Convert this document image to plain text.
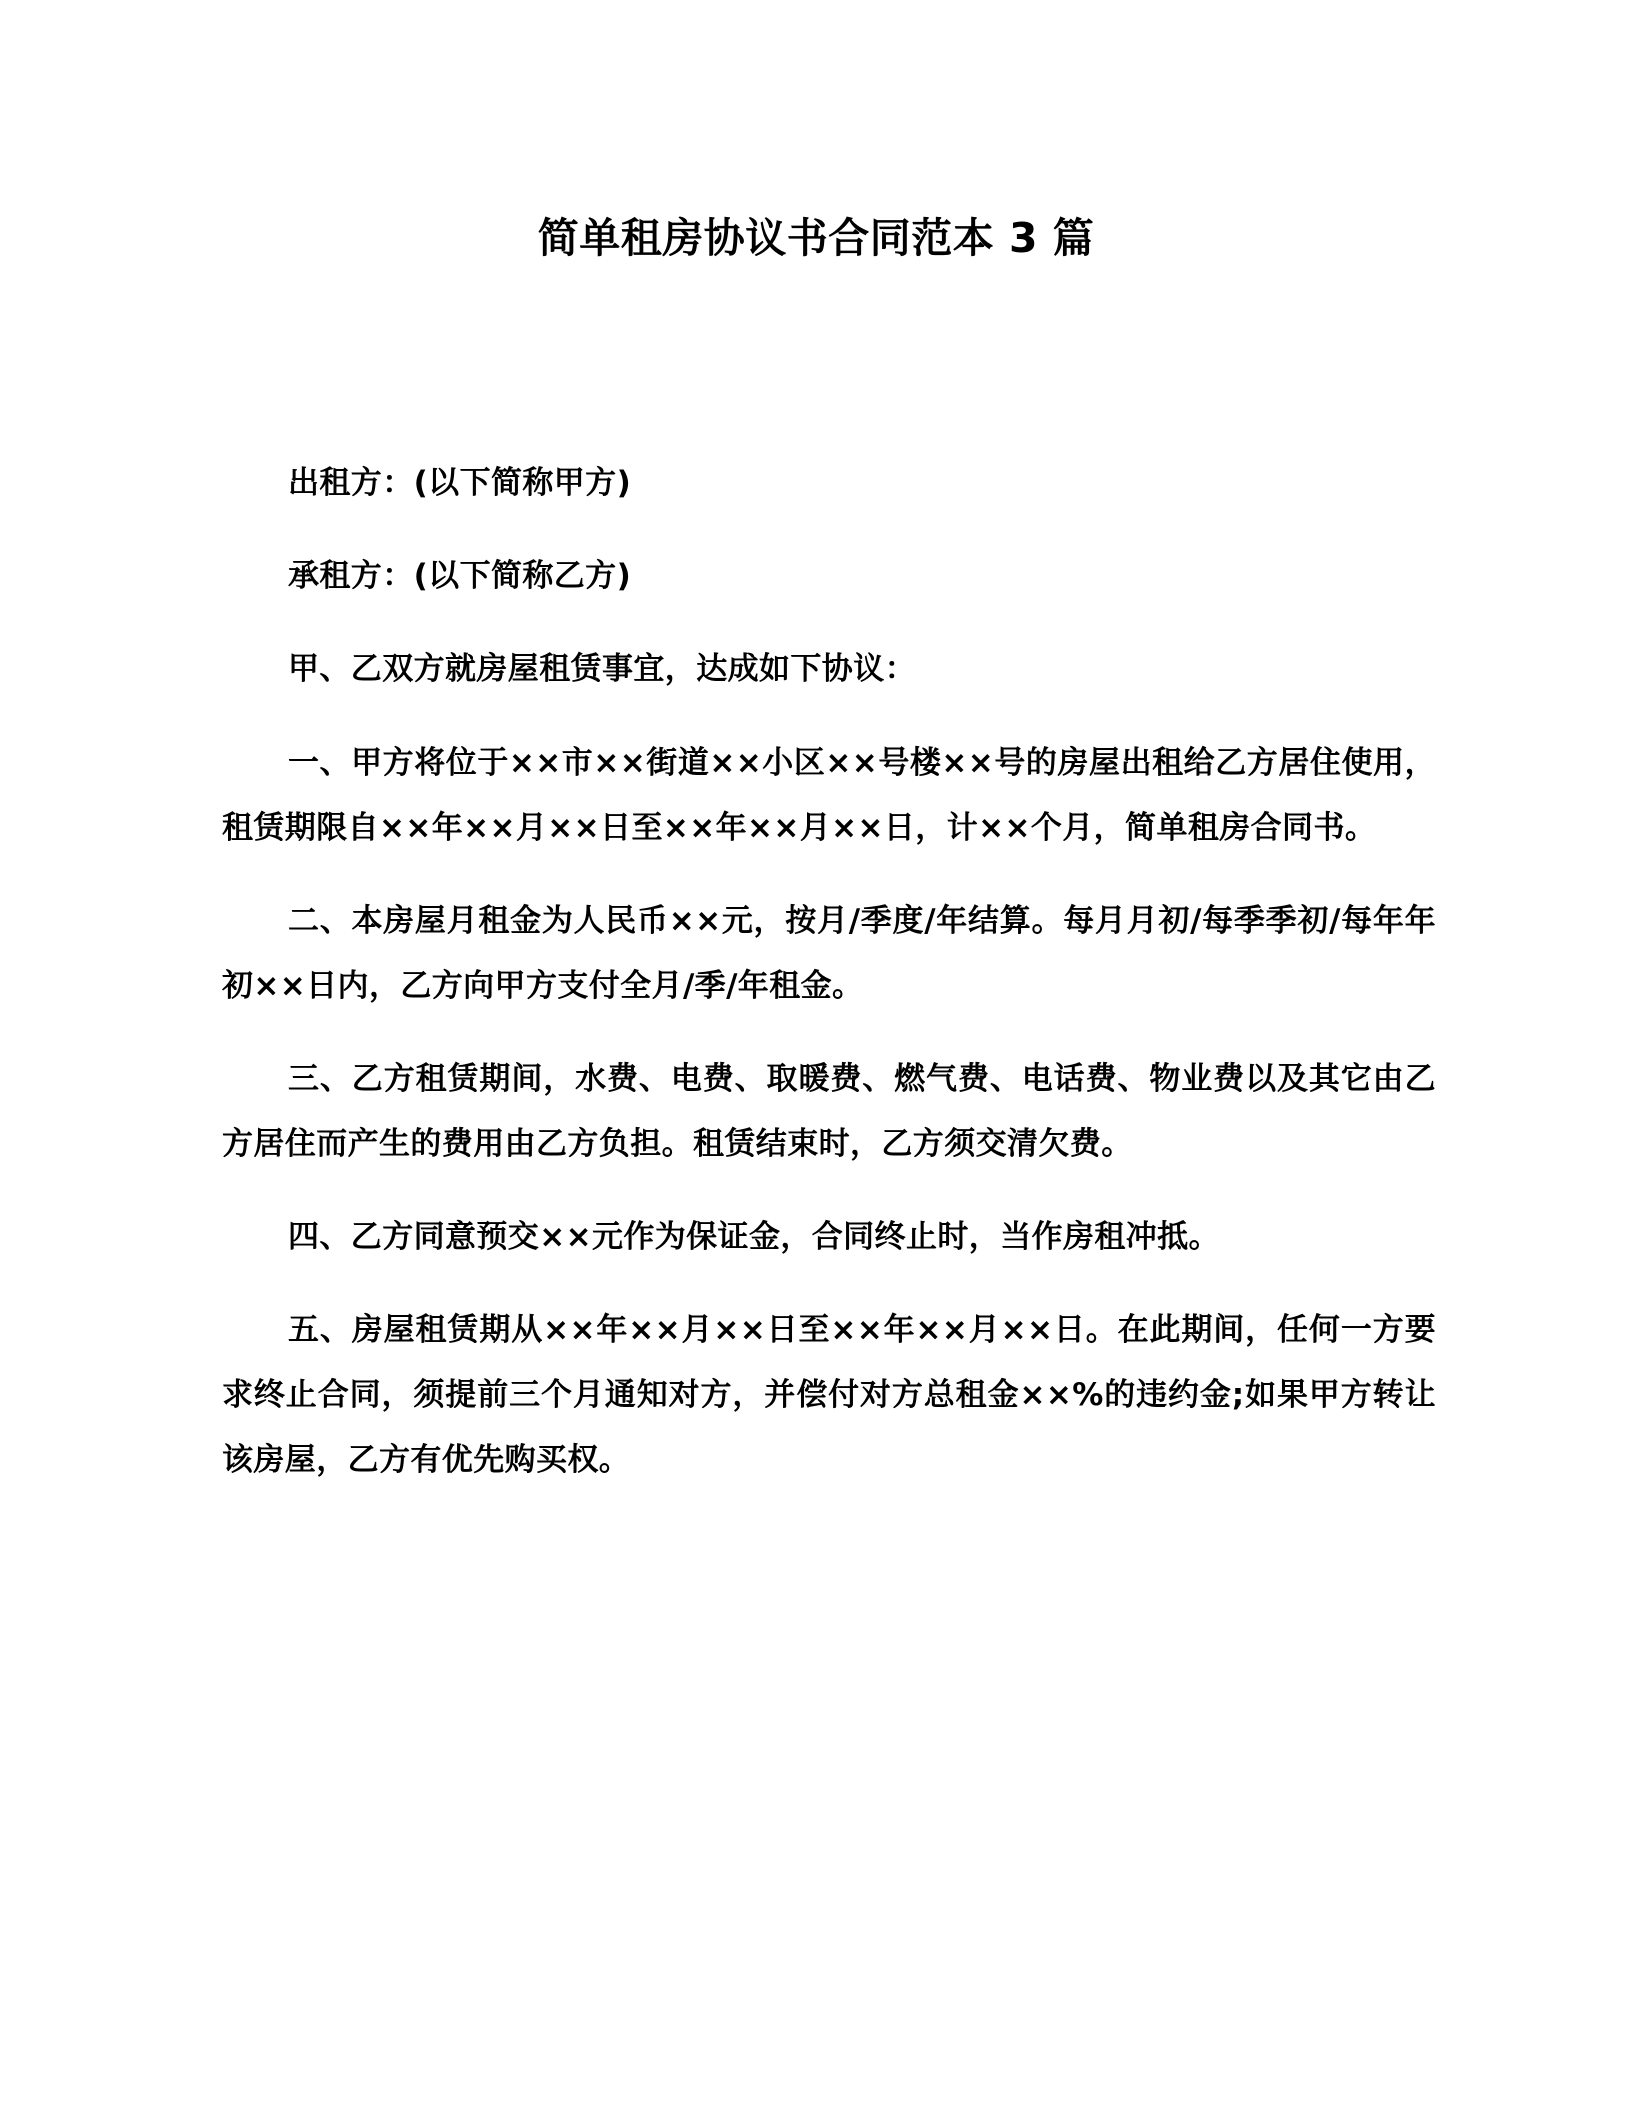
简单租房协议书合同范本 3 篇

出租方：(以下简称甲方)

承租方：(以下简称乙方)

甲、乙双方就房屋租赁事宜，达成如下协议：

一、甲方将位于××市××街道××小区××号楼××号的房屋出租给乙方居住使用，租赁期限自××年××月××日至××年××月××日，计××个月，简单租房合同书。

二、本房屋月租金为人民币××元，按月/季度/年结算。每月月初/每季季初/每年年初××日内，乙方向甲方支付全月/季/年租金。

三、乙方租赁期间，水费、电费、取暖费、燃气费、电话费、物业费以及其它由乙方居住而产生的费用由乙方负担。租赁结束时，乙方须交清欠费。

四、乙方同意预交××元作为保证金，合同终止时，当作房租冲抵。

五、房屋租赁期从××年××月××日至××年××月××日。在此期间，任何一方要求终止合同，须提前三个月通知对方，并偿付对方总租金××%的违约金;如果甲方转让该房屋，乙方有优先购买权。
